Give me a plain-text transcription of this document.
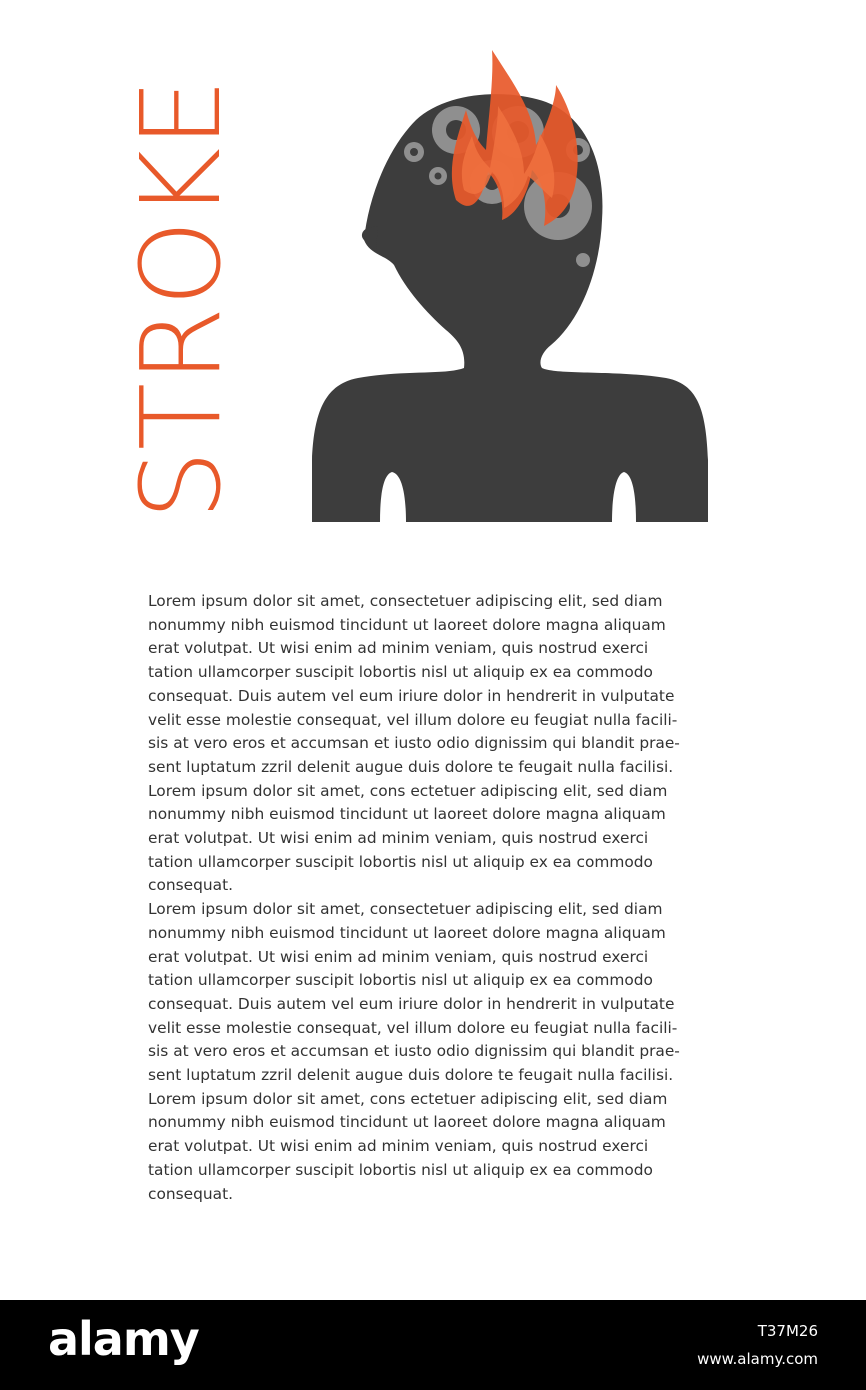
STROKE

Lorem ipsum dolor sit amet, consectetuer adipiscing elit, sed diam
nonummy nibh euismod tincidunt ut laoreet dolore magna aliquam
erat volutpat. Ut wisi enim ad minim veniam, quis nostrud exerci
tation ullamcorper suscipit lobortis nisl ut aliquip ex ea commodo
consequat. Duis autem vel eum iriure dolor in hendrerit in vulputate
velit esse molestie consequat, vel illum dolore eu feugiat nulla facili-
sis at vero eros et accumsan et iusto odio dignissim qui blandit prae-
sent luptatum zzril delenit augue duis dolore te feugait nulla facilisi.
Lorem ipsum dolor sit amet, cons ectetuer adipiscing elit, sed diam
nonummy nibh euismod tincidunt ut laoreet dolore magna aliquam
erat volutpat. Ut wisi enim ad minim veniam, quis nostrud exerci
tation ullamcorper suscipit lobortis nisl ut aliquip ex ea commodo
consequat.

Lorem ipsum dolor sit amet, consectetuer adipiscing elit, sed diam
nonummy nibh euismod tincidunt ut laoreet dolore magna aliquam
erat volutpat. Ut wisi enim ad minim veniam, quis nostrud exerci
tation ullamcorper suscipit lobortis nisl ut aliquip ex ea commodo
consequat. Duis autem vel eum iriure dolor in hendrerit in vulputate
velit esse molestie consequat, vel illum dolore eu feugiat nulla facili-
sis at vero eros et accumsan et iusto odio dignissim qui blandit prae-
sent luptatum zzril delenit augue duis dolore te feugait nulla facilisi.
Lorem ipsum dolor sit amet, cons ectetuer adipiscing elit, sed diam
nonummy nibh euismod tincidunt ut laoreet dolore magna aliquam
erat volutpat. Ut wisi enim ad minim veniam, quis nostrud exerci
tation ullamcorper suscipit lobortis nisl ut aliquip ex ea commodo
consequat.

alamy	T37M26
www.alamy.com
